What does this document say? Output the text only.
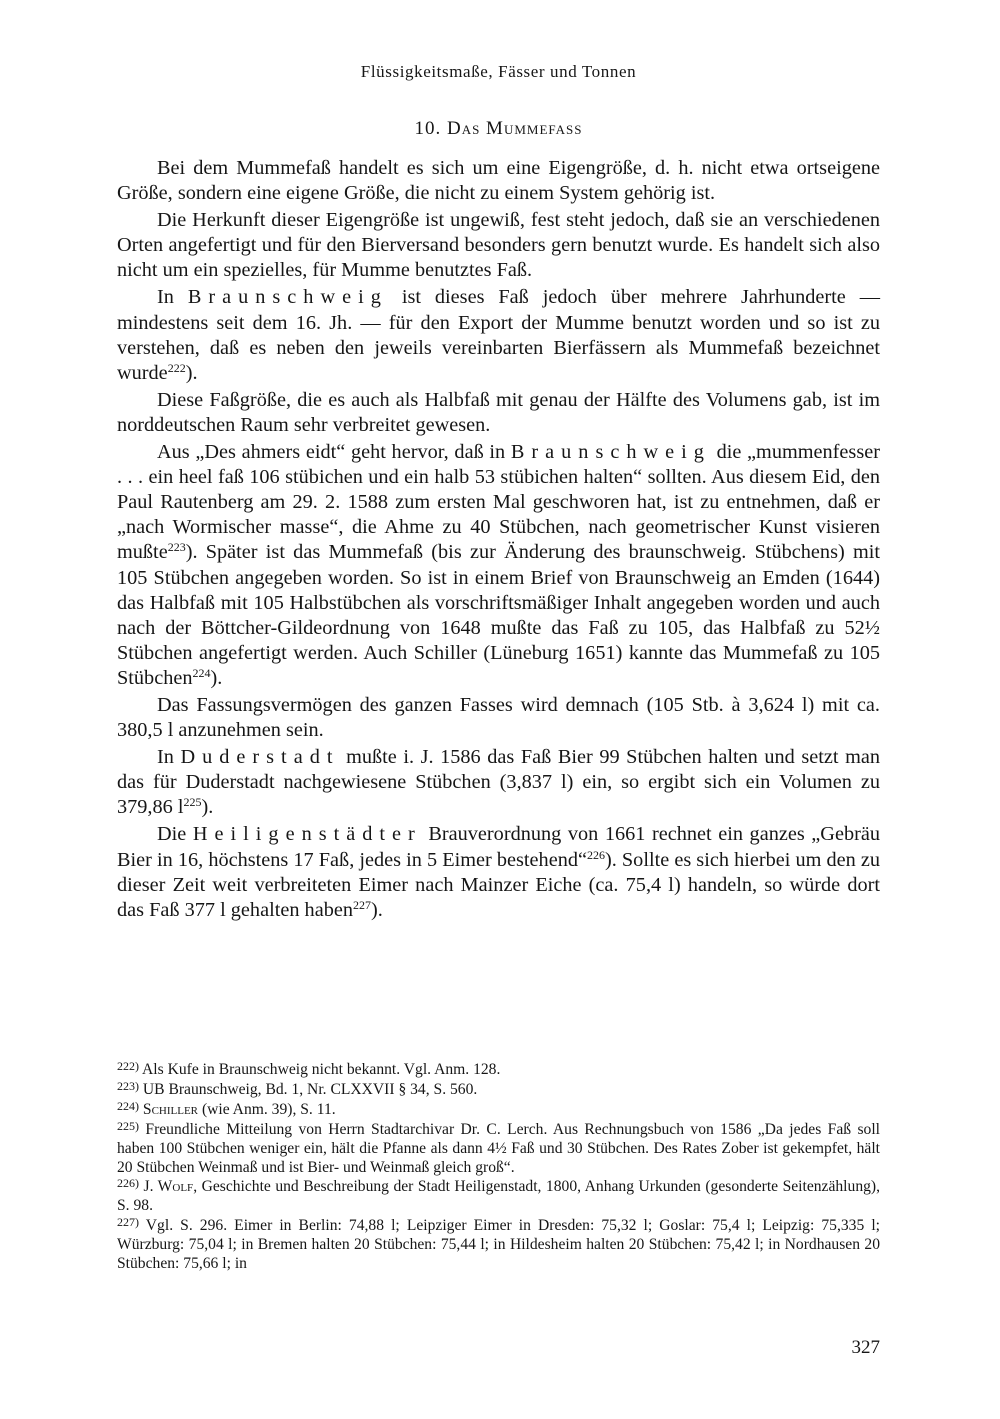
Flüssigkeitsmaße, Fässer und Tonnen
10. Das Mummefass

Bei dem Mummefaß handelt es sich um eine Eigengröße, d. h. nicht etwa ortseigene Größe, sondern eine eigene Größe, die nicht zu einem System gehörig ist.

Die Herkunft dieser Eigengröße ist ungewiß, fest steht jedoch, daß sie an verschiedenen Orten angefertigt und für den Bierversand besonders gern benutzt wurde. Es handelt sich also nicht um ein spezielles, für Mumme benutztes Faß.

In Braunschweig ist dieses Faß jedoch über mehrere Jahrhunderte — mindestens seit dem 16. Jh. — für den Export der Mumme benutzt worden und so ist zu verstehen, daß es neben den jeweils vereinbarten Bierfässern als Mummefaß bezeichnet wurde$^{222}$).

Diese Faßgröße, die es auch als Halbfaß mit genau der Hälfte des Volumens gab, ist im norddeutschen Raum sehr verbreitet gewesen.

Aus „Des ahmers eidt“ geht hervor, daß in Braunschweig die „mummenfesser . . . ein heel faß 106 stübichen und ein halb 53 stübichen halten“ sollten. Aus diesem Eid, den Paul Rautenberg am 29. 2. 1588 zum ersten Mal geschworen hat, ist zu entnehmen, daß er „nach Wormischer masse“, die Ahme zu 40 Stübchen, nach geometrischer Kunst visieren mußte$^{223}$). Später ist das Mummefaß (bis zur Änderung des braunschweig. Stübchens) mit 105 Stübchen angegeben worden. So ist in einem Brief von Braunschweig an Emden (1644) das Halbfaß mit 105 Halbstübchen als vorschriftsmäßiger Inhalt angegeben worden und auch nach der Böttcher-Gildeordnung von 1648 mußte das Faß zu 105, das Halbfaß zu 52½ Stübchen angefertigt werden. Auch Schiller (Lüneburg 1651) kannte das Mummefaß zu 105 Stübchen$^{224}$).

Das Fassungsvermögen des ganzen Fasses wird demnach (105 Stb. à 3,624 l) mit ca. 380,5 l anzunehmen sein.

In Duderstadt mußte i. J. 1586 das Faß Bier 99 Stübchen halten und setzt man das für Duderstadt nachgewiesene Stübchen (3,837 l) ein, so ergibt sich ein Volumen zu 379,86 $l^{225}$).

Die Heiligenstädter Brauverordnung von 1661 rechnet ein ganzes „Gebräu Bier in 16, höchstens 17 Faß, jedes in 5 Eimer bestehend“$^{226}$). Sollte es sich hierbei um den zu dieser Zeit weit verbreiteten Eimer nach Mainzer Eiche (ca. 75,4 l) handeln, so würde dort das Faß 377 l gehalten haben$^{227}$).

$^{222)}$ Als Kufe in Braunschweig nicht bekannt. Vgl. Anm. 128.

$^{223)}$ UB Braunschweig, Bd. 1, Nr. CLXXVII § 34, S. 560.

$^{224)}$ Schiller (wie Anm. 39), S. 11.

$^{225)}$ Freundliche Mitteilung von Herrn Stadtarchivar Dr. C. Lerch. Aus Rechnungsbuch von 1586 „Da jedes Faß soll haben 100 Stübchen weniger ein, hält die Pfanne als dann 4½ Faß und 30 Stübchen. Des Rates Zober ist gekempfet, hält 20 Stübchen Weinmaß und ist Bier- und Weinmaß gleich groß“.

$^{226)}$ J. Wolf, Geschichte und Beschreibung der Stadt Heiligenstadt, 1800, Anhang Urkunden (gesonderte Seitenzählung), S. 98.

$^{227)}$ Vgl. S. 296. Eimer in Berlin: 74,88 l; Leipziger Eimer in Dresden: 75,32 l; Goslar: 75,4 l; Leipzig: 75,335 l; Würzburg: 75,04 l; in Bremen halten 20 Stübchen: 75,44 l; in Hildesheim halten 20 Stübchen: 75,42 l; in Nordhausen 20 Stübchen: 75,66 l; in

327
